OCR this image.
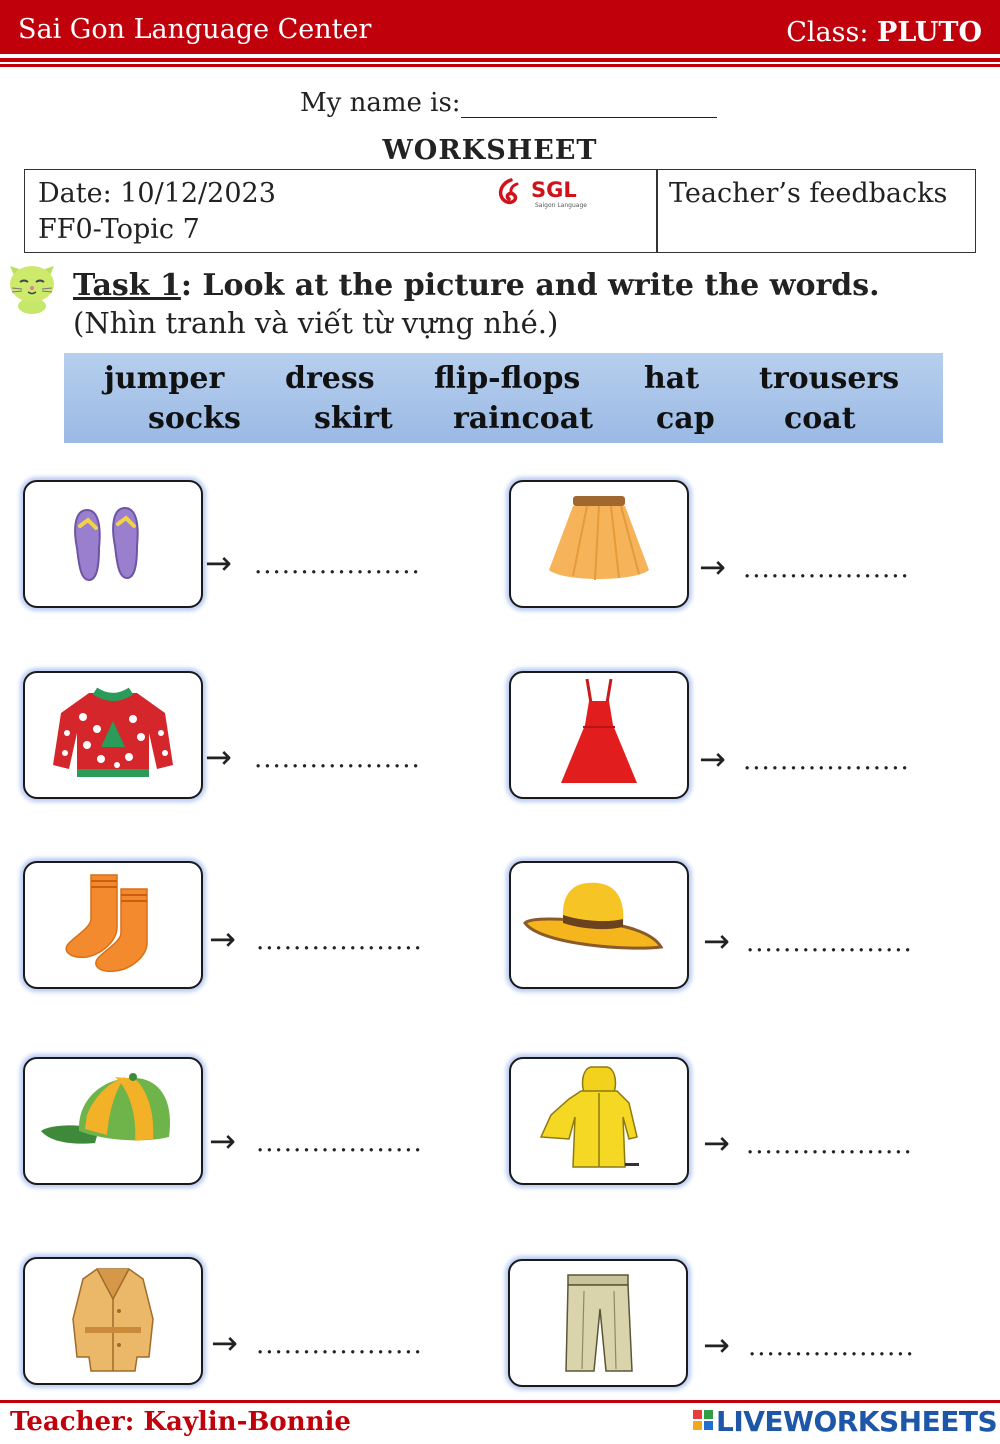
Sai Gon Language Center	Class: PLUTO
My name is:
WORKSHEET
Date: 10/12/2023
FF0-Topic 7
SGL
Saigon Language	Teacher’s feedbacks
Task 1: Look at the picture and write the words.
(Nhìn tranh và viết từ vựng nhé.)
jumper dress flip-flops hat trousers
socks skirt raincoat cap coat
→ ..................	→ ..................
→ ..................	→ ..................
→ ..................	→ ..................
→ ..................	→ ..................
→ ..................	→ ..................
Teacher: Kaylin-Bonnie	LIVEWORKSHEETS
